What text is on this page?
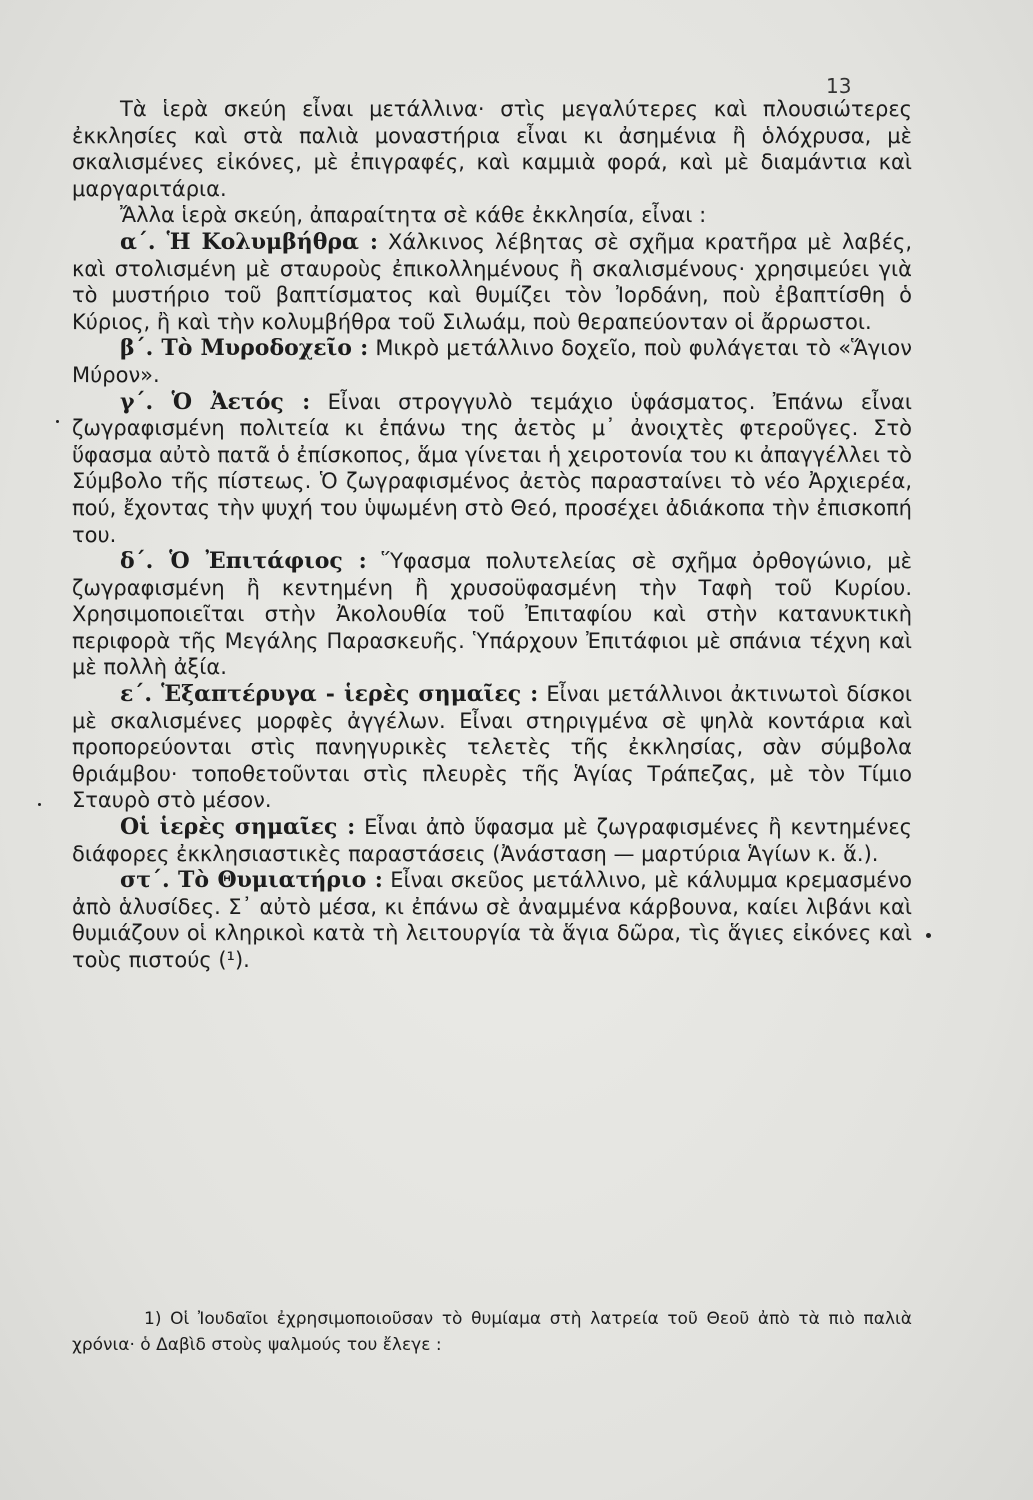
13

Τὰ ἱερὰ σκεύη εἶναι μετάλλινα· στὶς μεγαλύτερες καὶ πλουσιώτερες ἐκκλησίες καὶ στὰ παλιὰ μοναστήρια εἶναι κι ἀσημένια ἢ ὁλόχρυσα, μὲ σκαλισμένες εἰκόνες, μὲ ἐπιγραφές, καὶ καμμιὰ φορά, καὶ μὲ διαμάντια καὶ μαργαριτάρια.

Ἄλλα ἱερὰ σκεύη, ἀπαραίτητα σὲ κάθε ἐκκλησία, εἶναι :

α΄. Ἡ Κολυμβήθρα : Χάλκινος λέβητας σὲ σχῆμα κρατῆρα μὲ λαβές, καὶ στολισμένη μὲ σταυροὺς ἐπικολλημένους ἢ σκαλισμένους· χρησιμεύει γιὰ τὸ μυστήριο τοῦ βαπτίσματος καὶ θυμίζει τὸν Ἰορδάνη, ποὺ ἐβαπτίσθη ὁ Κύριος, ἢ καὶ τὴν κολυμβήθρα τοῦ Σιλωάμ, ποὺ θεραπεύονταν οἱ ἄρρωστοι.

β΄. Τὸ Μυροδοχεῖο : Μικρὸ μετάλλινο δοχεῖο, ποὺ φυλάγεται τὸ «Ἅγιον Μύρον».

γ΄. Ὁ Ἀετός : Εἶναι στρογγυλὸ τεμάχιο ὑφάσματος. Ἐπάνω εἶναι ζωγραφισμένη πολιτεία κι ἐπάνω της ἀετὸς μ᾽ ἀνοιχτὲς φτεροῦγες. Στὸ ὕφασμα αὐτὸ πατᾶ ὁ ἐπίσκοπος, ἅμα γίνεται ἡ χειροτονία του κι ἀπαγγέλλει τὸ Σύμβολο τῆς πίστεως. Ὁ ζωγραφισμένος ἀετὸς παρασταίνει τὸ νέο Ἀρχιερέα, πού, ἔχοντας τὴν ψυχή του ὑψωμένη στὸ Θεό, προσέχει ἀδιάκοπα τὴν ἐπισκοπή του.

δ΄. Ὁ Ἐπιτάφιος : Ὕφασμα πολυτελείας σὲ σχῆμα ὀρθογώνιο, μὲ ζωγραφισμένη ἢ κεντημένη ἢ χρυσοϋφασμένη τὴν Ταφὴ τοῦ Κυρίου. Χρησιμοποιεῖται στὴν Ἀκολουθία τοῦ Ἐπιταφίου καὶ στὴν κατανυκτικὴ περιφορὰ τῆς Μεγάλης Παρασκευῆς. Ὑπάρχουν Ἐπιτάφιοι μὲ σπάνια τέχνη καὶ μὲ πολλὴ ἀξία.

ε΄. Ἑξαπτέρυγα - ἱερὲς σημαῖες : Εἶναι μετάλλινοι ἀκτινωτοὶ δίσκοι μὲ σκαλισμένες μορφὲς ἀγγέλων. Εἶναι στηριγμένα σὲ ψηλὰ κοντάρια καὶ προπορεύονται στὶς πανηγυρικὲς τελετὲς τῆς ἐκκλησίας, σὰν σύμβολα θριάμβου· τοποθετοῦνται στὶς πλευρὲς τῆς Ἁγίας Τράπεζας, μὲ τὸν Τίμιο Σταυρὸ στὸ μέσον.

Οἱ ἱερὲς σημαῖες : Εἶναι ἀπὸ ὕφασμα μὲ ζωγραφισμένες ἢ κεντημένες διάφορες ἐκκλησιαστικὲς παραστάσεις (Ἀνάσταση — μαρτύρια Ἁγίων κ. ἅ.).

στ΄. Τὸ Θυμιατήριο : Εἶναι σκεῦος μετάλλινο, μὲ κάλυμμα κρεμασμένο ἀπὸ ἁλυσίδες. Σ᾽ αὐτὸ μέσα, κι ἐπάνω σὲ ἀναμμένα κάρβουνα, καίει λιβάνι καὶ θυμιάζουν οἱ κληρικοὶ κατὰ τὴ λειτουργία τὰ ἅγια δῶρα, τὶς ἅγιες εἰκόνες καὶ τοὺς πιστούς (¹).

1) Οἱ Ἰουδαῖοι ἐχρησιμοποιοῦσαν τὸ θυμίαμα στὴ λατρεία τοῦ Θεοῦ ἀπὸ τὰ πιὸ παλιὰ χρόνια· ὁ Δαβὶδ στοὺς ψαλμούς του ἔλεγε :
